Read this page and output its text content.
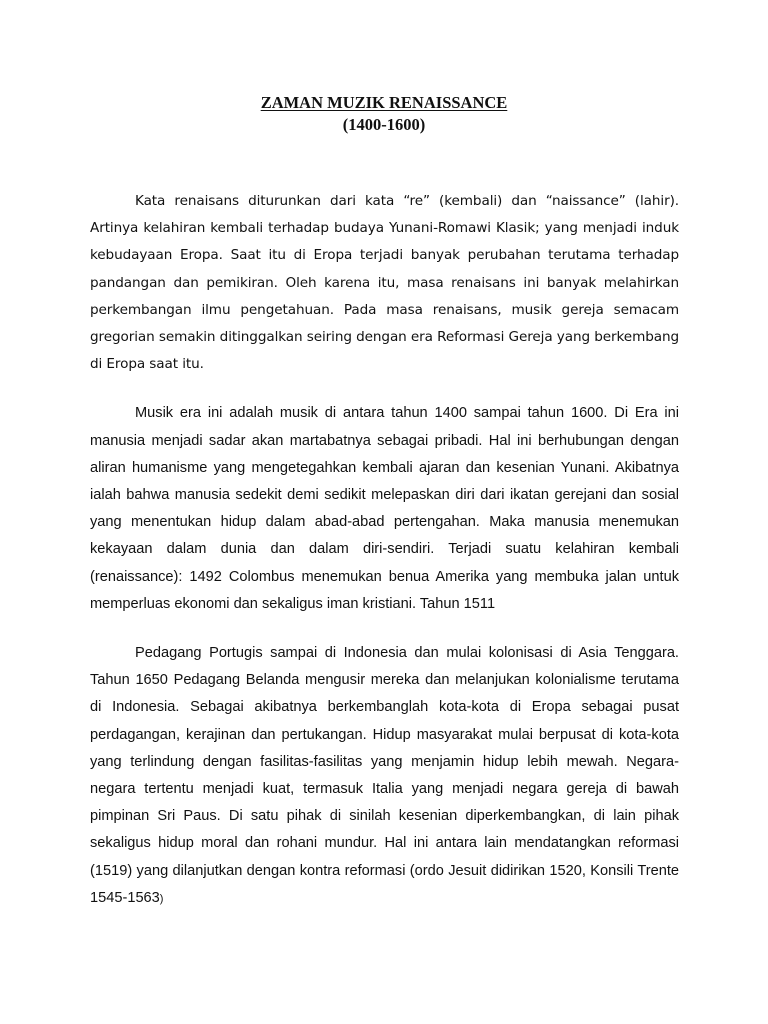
ZAMAN MUZIK RENAISSANCE
(1400-1600)

Kata renaisans diturunkan dari kata “re” (kembali) dan “naissance” (lahir). Artinya kelahiran kembali terhadap budaya Yunani-Romawi Klasik; yang menjadi induk kebudayaan Eropa. Saat itu di Eropa terjadi banyak perubahan terutama terhadap pandangan dan pemikiran. Oleh karena itu, masa renaisans ini banyak melahirkan perkembangan ilmu pengetahuan. Pada masa renaisans, musik gereja semacam gregorian semakin ditinggalkan seiring dengan era Reformasi Gereja yang berkembang di Eropa saat itu.

Musik era ini adalah musik di antara tahun 1400 sampai tahun 1600. Di Era ini manusia menjadi sadar akan martabatnya sebagai pribadi. Hal ini berhubungan dengan aliran humanisme yang mengetegahkan kembali ajaran dan kesenian Yunani. Akibatnya ialah bahwa manusia sedekit demi sedikit melepaskan diri dari ikatan gerejani dan sosial yang menentukan hidup dalam abad-abad pertengahan. Maka manusia menemukan kekayaan dalam dunia dan dalam diri-sendiri. Terjadi suatu kelahiran kembali (renaissance): 1492 Colombus menemukan benua Amerika yang membuka jalan untuk memperluas ekonomi dan sekaligus iman kristiani. Tahun 1511

Pedagang Portugis sampai di Indonesia dan mulai kolonisasi di Asia Tenggara. Tahun 1650 Pedagang Belanda mengusir mereka dan melanjukan kolonialisme terutama di Indonesia. Sebagai akibatnya berkembanglah kota-kota di Eropa sebagai pusat perdagangan, kerajinan dan pertukangan. Hidup masyarakat mulai berpusat di kota-kota yang terlindung dengan fasilitas-fasilitas yang menjamin hidup lebih mewah. Negara-negara tertentu menjadi kuat, termasuk Italia yang menjadi negara gereja di bawah pimpinan Sri Paus. Di satu pihak di sinilah kesenian diperkembangkan, di lain pihak sekaligus hidup moral dan rohani mundur. Hal ini antara lain mendatangkan reformasi (1519) yang dilanjutkan dengan kontra reformasi (ordo Jesuit didirikan 1520, Konsili Trente 1545-1563)
